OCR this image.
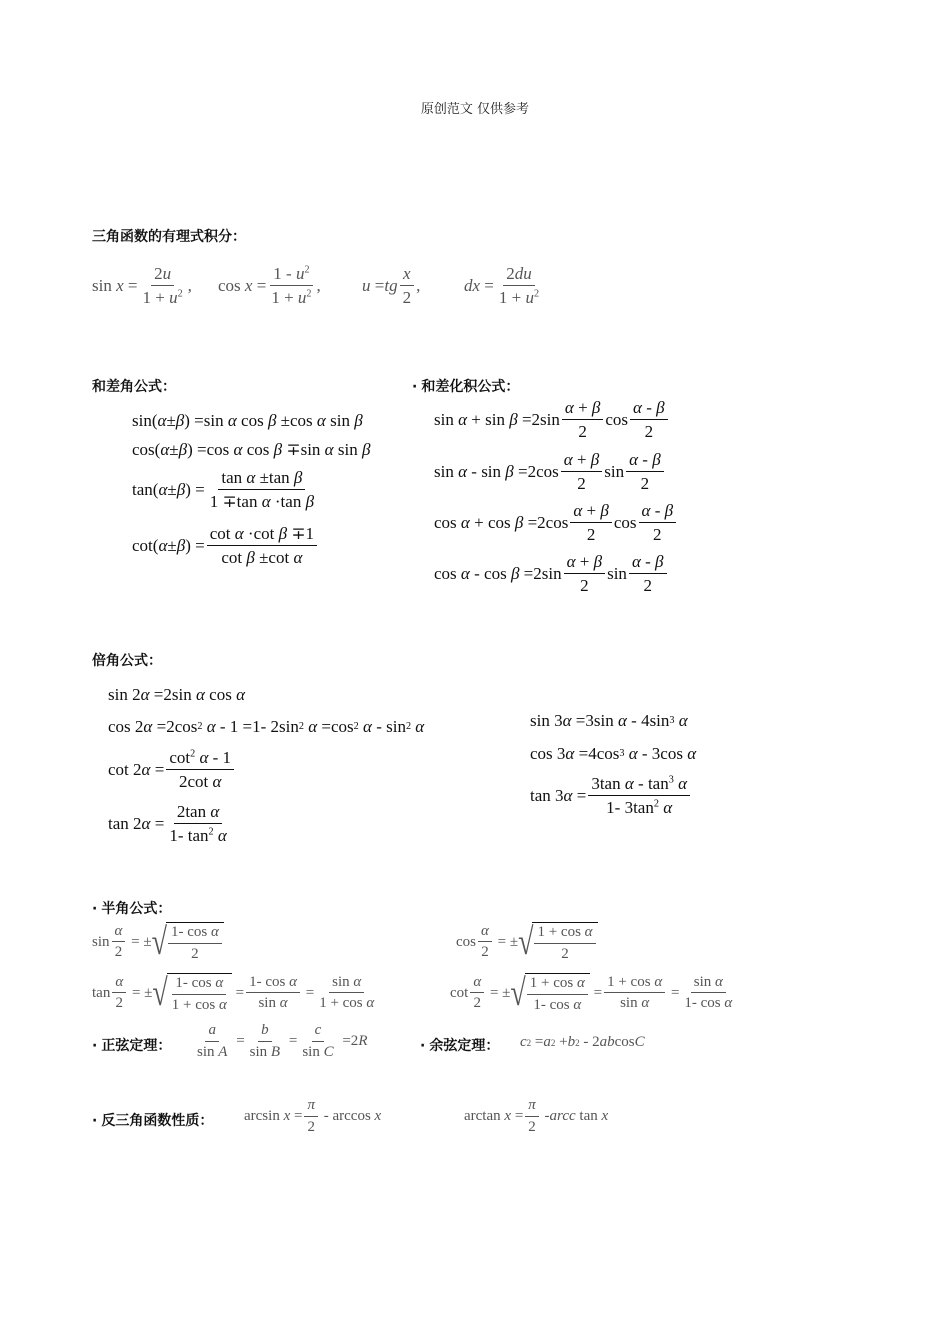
原创范文 仅供参考
三角函数的有理式积分：
$\sin x = \frac{2u}{1 + u^2}$ , $\cos x = \frac{1 - u^2}{1 + u^2}$ , u = tg $\frac{x}{2}$ ,	dx = $\frac{2du}{1 + u^2}$
和差角公式：
sin( α ± β ) =sin α cos β ±cos α sin β
cos( α ± β ) =cos α cos β ∓sin α sin β
tan( α ± β ) = $\frac{\text{tan α ±tan β}}{\text{1 ∓tan α ·tan β}}$
cot( α ± β ) = $\frac{\text{cot α ·cot β ∓1}}{\text{cot β ±cot α}}$
· 和差化积公式：
$\sin \alpha + \sin \beta =2\sin \frac{\alpha + \beta}{2}$ $\cos \frac{\alpha - \beta}{2}$
$\sin \alpha - \sin \beta =2\cos \frac{\alpha + \beta}{2}$ $\sin \frac{\alpha - \beta}{2}$
$\cos \alpha + \cos \beta =2\cos \frac{\alpha + \beta}{2}$ $\cos \frac{\alpha - \beta}{2}$
$\cos \alpha - \cos \beta =2\sin \frac{\alpha + \beta}{2}$ $\sin \frac{\alpha - \beta}{2}$
倍角公式：
sin 2 α =2sin α cos α
cos 2 α =2cos 2
α - 1 =1- 2sin 2
α =cos 2
α - sin 2
α
cot 2 $\alpha = \frac{\cot^2 \alpha - 1}{\text{2cot α}}$
tan 2 $\alpha = \frac{\text{2tan α}}{1- \tan^2 \alpha}$
sin 3 α =3sin α - 4sin 3
α
cos 3 α =4cos 3
α - 3cos α
tan 3 $\alpha = \frac{3\tan \alpha - \tan^3 \alpha}{1- 3\tan^2 \alpha}$
· 半角公式：
$\sin \frac{\alpha}{2}$ = ± √ $\frac{\text{1- cos α}}{2}$	$\cos \frac{\alpha}{2}$ = ± √ $\frac{\text{1 + cos α}}{2}$
$\tan \frac{\alpha}{2}$ = ± √ $\frac{\text{1- cos α}}{\text{1 + cos α}} = \frac{\text{1- cos α}}{\text{sin α}} = \frac{\text{sin α}}{\text{1 + cos α}}$	$\cot \frac{\alpha}{2}$ = ± √ $\frac{\text{1 + cos α}}{\text{1- cos α}} = \frac{\text{1 + cos α}}{\text{sin α}} = \frac{\text{sin α}}{\text{1- cos α}}$
· 正弦定理： $\frac{a}{\text{sin A}} = \frac{b}{\text{sin B}} = \frac{c}{\text{sin C}} =2$ R	· 余弦定理： c 2 = a 2 + b 2 - 2 ab cos C
· 反三角函数性质： $\arcsin x = \frac{\pi}{2} - \arccos x$	$\arctan x = \frac{\pi}{2}$ - arcc tan x
